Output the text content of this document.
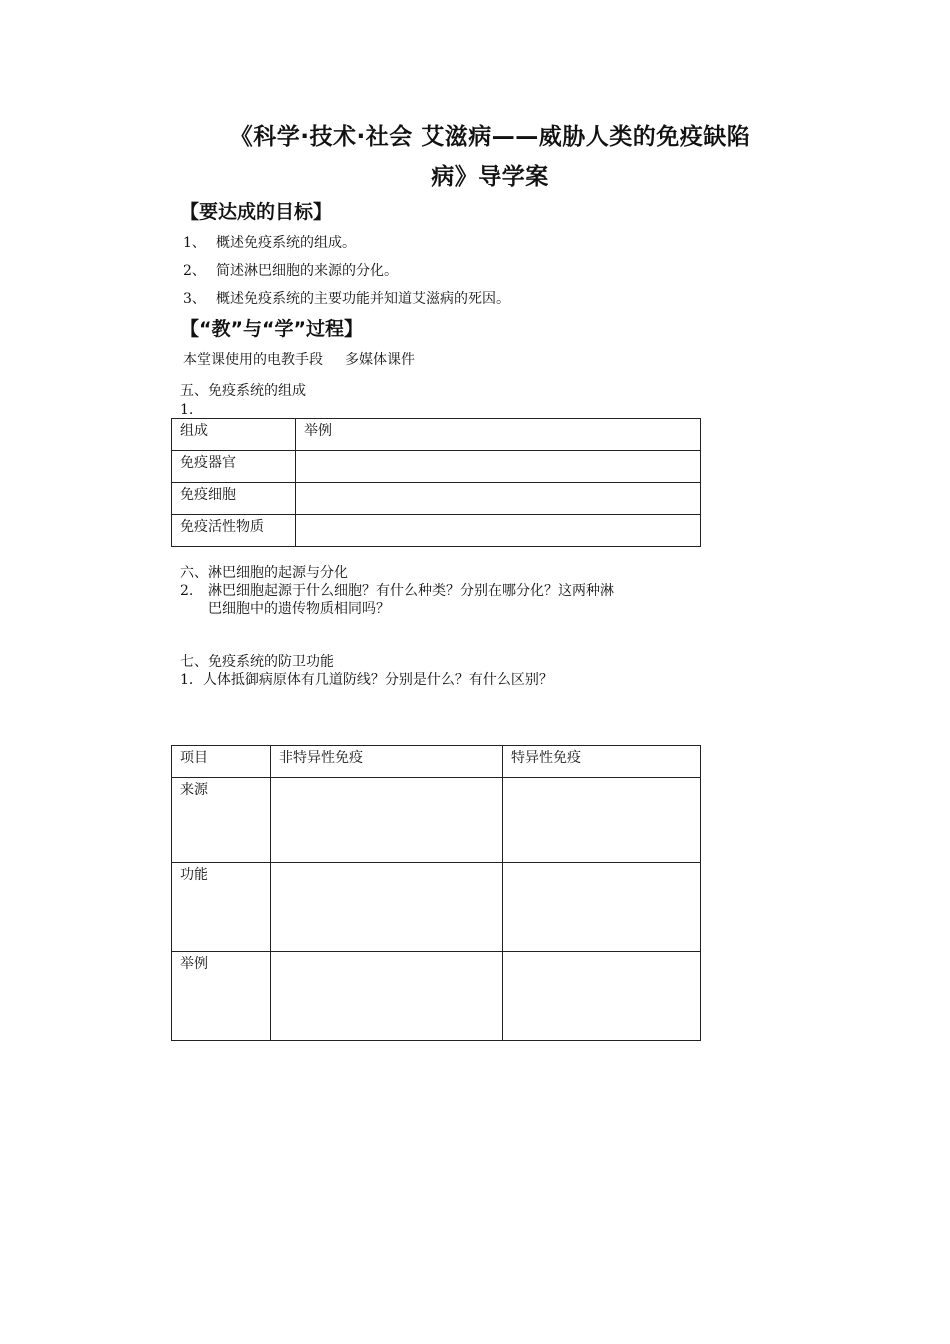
《科学·技术·社会 艾滋病——威胁人类的免疫缺陷
病》导学案
【要达成的目标】
1、 概述免疫系统的组成。
2、 简述淋巴细胞的来源的分化。
3、 概述免疫系统的主要功能并知道艾滋病的死因。
【“教”与“学”过程】
本堂课使用的电教手段 多媒体课件
五、免疫系统的组成
1.
组成	举例
免疫器官	
免疫细胞	
免疫活性物质	
六、淋巴细胞的起源与分化
2. 淋巴细胞起源于什么细胞？有什么种类？分别在哪分化？这两种淋
巴细胞中的遗传物质相同吗？
七、免疫系统的防卫功能
1．人体抵御病原体有几道防线？分别是什么？有什么区别？
项目	非特异性免疫	特异性免疫
来源		
功能		
举例		
